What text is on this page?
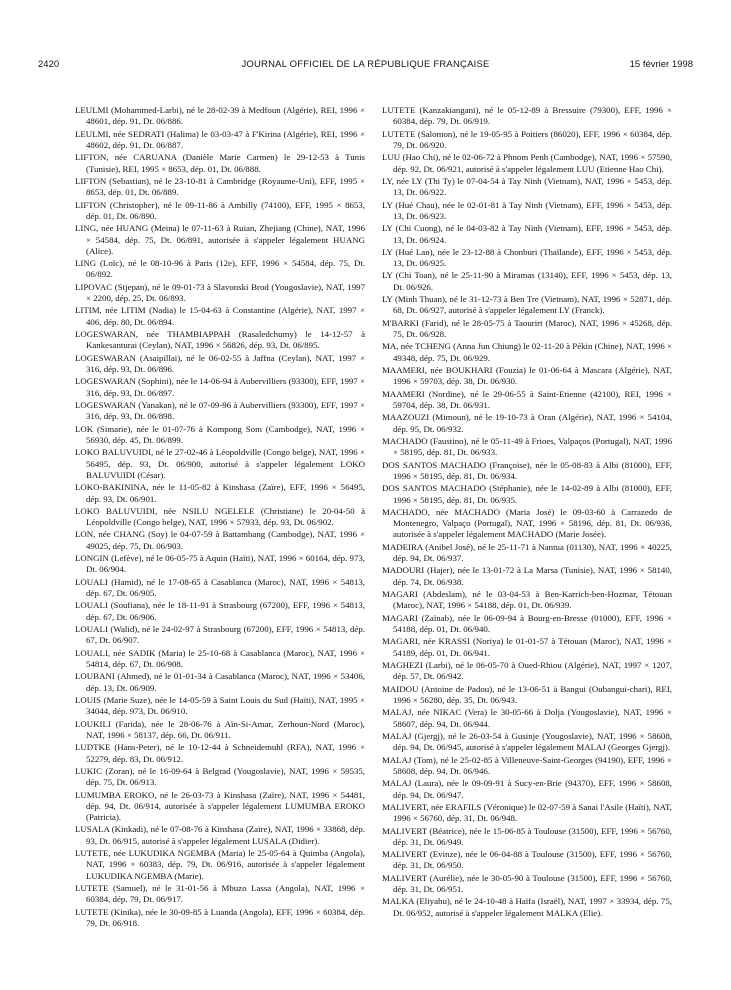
2420	JOURNAL OFFICIEL DE LA RÉPUBLIQUE FRANÇAISE	15 février 1998

LEULMI (Mohammed-Larbi), né le 28-02-39 à Medfoun (Algérie), REI, 1996 × 48601, dép. 91, Dt. 06/886.

LEULMI, née SEDRATI (Halima) le 03-03-47 à F'Kirina (Algérie), REI, 1996 × 48602, dép. 91, Dt. 06/887.

LIFTON, née CARUANA (Danièle Marie Carmen) le 29-12-53 à Tunis (Tunisie), REI, 1995 × 8653, dép. 01, Dt. 06/888.

LIFTON (Sebastian), né le 23-10-81 à Cambridge (Royaume-Uni), EFF, 1995 × 8653, dép. 01, Dt. 06/889.

LIFTON (Christopher), né le 09-11-86 à Ambilly (74100), EFF, 1995 × 8653, dép. 01, Dt. 06/890.

LING, née HUANG (Meina) le 07-11-63 à Ruian, Zhejiang (Chine), NAT, 1996 × 54584, dép. 75, Dt. 06/891, autorisée à s'appeler légalement HUANG (Alice).

LING (Loïc), né le 08-10-96 à Paris (12e), EFF, 1996 × 54584, dép. 75, Dt. 06/892.

LIPOVAC (Stjepan), né le 09-01-73 à Slavonski Brod (Yougoslavie), NAT, 1997 × 2200, dép. 25, Dt. 06/893.

LITIM, née LITIM (Nadia) le 15-04-63 à Constantine (Algérie), NAT, 1997 × 406, dép. 80, Dt. 06/894.

LOGESWARAN, née THAMBIAPPAH (Rasaledchumy) le 14-12-57 à Kankesanturai (Ceylan), NAT, 1996 × 56826, dép. 93, Dt. 06/895.

LOGESWARAN (Asaipillai), né le 06-02-55 à Jaffna (Ceylan), NAT, 1997 × 316, dép. 93, Dt. 06/896.

LOGESWARAN (Sophini), née le 14-06-94 à Aubervilliers (93300), EFF, 1997 × 316, dép. 93, Dt. 06/897.

LOGESWARAN (Yanakan), né le 07-09-96 à Aubervilliers (93300), EFF, 1997 × 316, dép. 93, Dt. 06/898.

LOK (Simarie), née le 01-07-76 à Kompong Som (Cambodge), NAT, 1996 × 56930, dép. 45, Dt. 06/899.

LOKO BALUVUIDI, né le 27-02-46 à Léopoldville (Congo belge), NAT, 1996 × 56495, dép. 93, Dt. 06/900, autorisé à s'appeler légalement LOKO BALUVUIDI (César).

LOKO-BAKININA, née le 11-05-82 à Kinshasa (Zaïre), EFF, 1996 × 56495, dép. 93, Dt. 06/901.

LOKO BALUVUIDI, née NSILU NGELELE (Christiane) le 20-04-50 à Léopoldville (Congo belge), NAT, 1996 × 57933, dép. 93, Dt. 06/902.

LON, née CHANG (Soy) le 04-07-59 à Battambang (Cambodge), NAT, 1996 × 49025, dép. 75, Dt. 06/903.

LONGIN (Lefève), né le 06-05-75 à Aquin (Haïti), NAT, 1996 × 60164, dép. 973, Dt. 06/904.

LOUALI (Hamid), né le 17-08-65 à Casablanca (Maroc), NAT, 1996 × 54813, dép. 67, Dt. 06/905.

LOUALI (Soufiana), née le 18-11-91 à Strasbourg (67200), EFF, 1996 × 54813, dép. 67, Dt. 06/906.

LOUALI (Walid), né le 24-02-97 à Strasbourg (67200), EFF, 1996 × 54813, dép. 67, Dt. 06/907.

LOUALI, née SADIK (Maria) le 25-10-68 à Casablanca (Maroc), NAT, 1996 × 54814, dép. 67, Dt. 06/908.

LOUBANI (Ahmed), né le 01-01-34 à Casablanca (Maroc), NAT, 1996 × 53406, dép. 13, Dt. 06/909.

LOUIS (Marie Suze), née le 14-05-59 à Saint Louis du Sud (Haïti), NAT, 1995 × 34044, dép. 973, Dt. 06/910.

LOUKILI (Farida), née le 28-06-76 à Aïn-Si-Amar, Zerhoun-Nord (Maroc), NAT, 1996 × 58137, dép. 66, Dt. 06/911.

LUDTKE (Hans-Peter), né le 10-12-44 à Schneidemuhl (RFA), NAT, 1996 × 52279, dép. 83, Dt. 06/912.

LUKIC (Zoran), né le 16-09-64 à Belgrad (Yougoslavie), NAT, 1996 × 59535, dép. 75, Dt. 06/913.

LUMUMBA EROKO, né le 26-03-73 à Kinshasa (Zaïre), NAT, 1996 × 54481, dép. 94, Dt. 06/914, autorisée à s'appeler légalement LUMUMBA EROKO (Patricia).

LUSALA (Kinkadi), né le 07-08-76 à Kinshasa (Zaïre), NAT, 1996 × 33868, dép. 93, Dt. 06/915, autorisé à s'appeler légalement LUSALA (Didier).

LUTETE, née LUKUDIKA NGEMBA (Maria) le 25-05-64 à Quimba (Angola), NAT, 1996 × 60383, dép. 79, Dt. 06/916, autorisée à s'appeler légalement LUKUDIKA NGEMBA (Marie).

LUTETE (Samuel), né le 31-01-56 à Mbuzo Lassa (Angola), NAT, 1996 × 60384, dép. 79, Dt. 06/917.

LUTETE (Kinika), née le 30-09-85 à Luanda (Angola), EFF, 1996 × 60384, dép. 79, Dt. 06/918.

LUTETE (Kanzakiangani), né le 05-12-89 à Bressuire (79300), EFF, 1996 × 60384, dép. 79, Dt. 06/919.

LUTETE (Salomon), né le 19-05-95 à Poitiers (86020), EFF, 1996 × 60384, dép. 79, Dt. 06/920.

LUU (Hao Chi), né le 02-06-72 à Phnom Penh (Cambodge), NAT, 1996 × 57590, dép. 92, Dt. 06/921, autorisé à s'appeler légalement LUU (Etienne Hao Chi).

LY, née LY (Thi Ty) le 07-04-54 à Tay Ninh (Vietnam), NAT, 1996 × 5453, dép. 13, Dt. 06/922.

LY (Hué Chau), née le 02-01-81 à Tay Ninh (Vietnam), EFF, 1996 × 5453, dép. 13, Dt. 06/923.

LY (Chi Cuong), né le 04-03-82 à Tay Ninh (Vietnam), EFF, 1996 × 5453, dép. 13, Dt. 06/924.

LY (Hué Lan), née le 23-12-88 à Chonburi (Thaïlande), EFF, 1996 × 5453, dép. 13, Dt. 06/925.

LY (Chi Toan), né le 25-11-90 à Miramas (13140), EFF, 1996 × 5453, dép. 13, Dt. 06/926.

LY (Minh Thuan), né le 31-12-73 à Ben Tre (Vietnam), NAT, 1996 × 52871, dép. 68, Dt. 06/927, autorisé à s'appeler légalement LY (Franck).

M'BARKI (Farid), né le 28-05-75 à Taourirt (Maroc), NAT, 1996 × 45268, dép. 75, Dt. 06/928.

MA, née TCHENG (Anna Jun Chiung) le 02-11-20 à Pékin (Chine), NAT, 1996 × 49348, dép. 75, Dt. 06/929.

MAAMERI, née BOUKHARI (Fouzia) le 01-06-64 à Mascara (Algérie), NAT, 1996 × 59703, dép. 38, Dt. 06/930.

MAAMERI (Nordine), né le 29-06-55 à Saint-Etienne (42100), REI, 1996 × 59704, dép. 38, Dt. 06/931.

MAAZOUZI (Mimoun), né le 19-10-73 à Oran (Algérie), NAT, 1996 × 54104, dép. 95, Dt. 06/932.

MACHADO (Faustino), né le 05-11-49 à Frioes, Valpaços (Portugal), NAT, 1996 × 58195, dép. 81, Dt. 06/933.

DOS SANTOS MACHADO (Françoise), née le 05-08-83 à Albi (81000), EFF, 1996 × 58195, dép. 81, Dt. 06/934.

DOS SANTOS MACHADO (Stéphanie), née le 14-02-89 à Albi (81000), EFF, 1996 × 58195, dép. 81, Dt. 06/935.

MACHADO, née MACHADO (Maria José) le 09-03-60 à Carrazedo de Montenegro, Valpaço (Portugal), NAT, 1996 × 58196, dép. 81, Dt. 06/936, autorisée à s'appeler légalement MACHADO (Marie Josée).

MADEIRA (Anibel José), né le 25-11-71 à Nantua (01130), NAT, 1996 × 40225, dép. 94, Dt. 06/937.

MADOURI (Hajer), née le 13-01-72 à La Marsa (Tunisie), NAT, 1996 × 58140, dép. 74, Dt. 06/938.

MAGARI (Abdeslam), né le 03-04-53 à Ben-Karrich-ben-Hozmar, Tétouan (Maroc), NAT, 1996 × 54188, dép. 01, Dt. 06/939.

MAGARI (Zaïnab), née le 06-09-94 à Bourg-en-Bresse (01000), EFF, 1996 × 54188, dép. 01, Dt. 06/940.

MAGARI, née KRASSI (Noriya) le 01-01-57 à Tétouan (Maroc), NAT, 1996 × 54189, dép. 01, Dt. 06/941.

MAGHEZI (Larbi), né le 06-05-70 à Oued-Rhiou (Algérie), NAT, 1997 × 1207, dép. 57, Dt. 06/942.

MAIDOU (Antoine de Padou), né le 13-06-51 à Bangui (Oubangui-chari), REI, 1996 × 56280, dép. 35, Dt. 06/943.

MALAJ, née NIKAC (Vera) le 30-05-66 à Dolja (Yougoslavie), NAT, 1996 × 58607, dép. 94, Dt. 06/944.

MALAJ (Gjergj), né le 26-03-54 à Gusinje (Yougoslavie), NAT, 1996 × 58608, dép. 94, Dt. 06/945, autorisé à s'appeler légalement MALAJ (Georges Gjergj).

MALAJ (Tom), né le 25-02-85 à Villeneuve-Saint-Georges (94190), EFF, 1996 × 58608, dép. 94, Dt. 06/946.

MALAJ (Laura), née le 09-09-91 à Sucy-en-Brie (94370), EFF, 1996 × 58608, dép. 94, Dt. 06/947.

MALIVERT, née ERAFILS (Véronique) le 02-07-59 à Sanai l'Asile (Haïti), NAT, 1996 × 56760, dép. 31, Dt. 06/948.

MALIVERT (Béatrice), née le 15-06-85 à Toulouse (31500), EFF, 1996 × 56760, dép. 31, Dt. 06/949.

MALIVERT (Evinze), née le 06-04-88 à Toulouse (31500), EFF, 1996 × 56760, dép. 31, Dt. 06/950.

MALIVERT (Aurélie), née le 30-05-90 à Toulouse (31500), EFF, 1996 × 56760, dép. 31, Dt. 06/951.

MALKA (Eliyahu), né le 24-10-48 à Haïfa (Israël), NAT, 1997 × 33934, dép. 75, Dt. 06/952, autorisé à s'appeler légalement MALKA (Elie).
